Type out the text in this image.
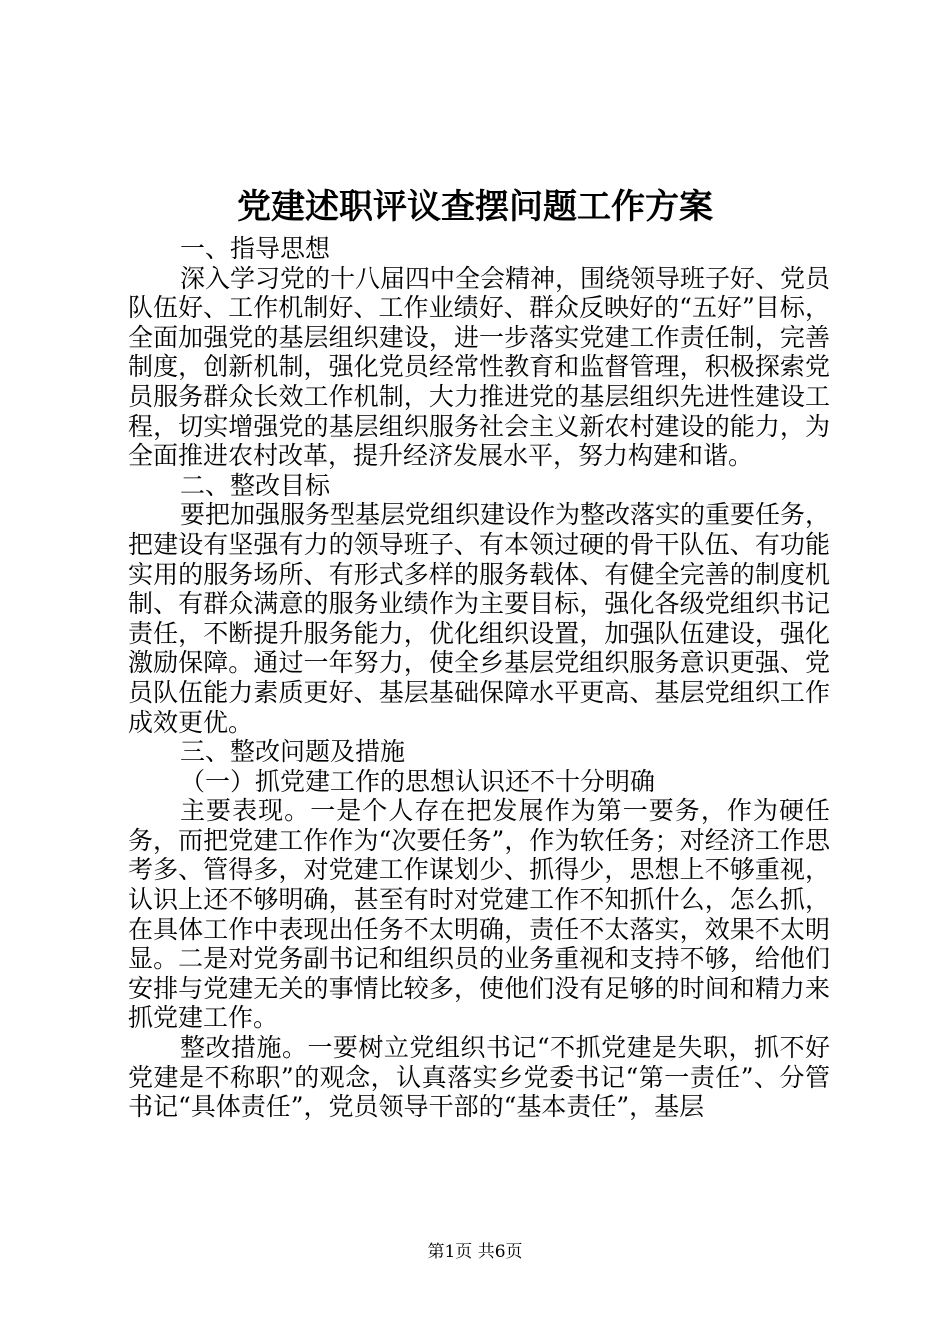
党建述职评议查摆问题工作方案

一、指导思想

深入学习党的十八届四中全会精神，围绕领导班子好、党员队伍好、工作机制好、工作业绩好、群众反映好的“五好”目标，全面加强党的基层组织建设，进一步落实党建工作责任制，完善制度，创新机制，强化党员经常性教育和监督管理，积极探索党员服务群众长效工作机制，大力推进党的基层组织先进性建设工程，切实增强党的基层组织服务社会主义新农村建设的能力，为全面推进农村改革，提升经济发展水平，努力构建和谐。

二、整改目标

要把加强服务型基层党组织建设作为整改落实的重要任务，把建设有坚强有力的领导班子、有本领过硬的骨干队伍、有功能实用的服务场所、有形式多样的服务载体、有健全完善的制度机制、有群众满意的服务业绩作为主要目标，强化各级党组织书记责任，不断提升服务能力，优化组织设置，加强队伍建设，强化激励保障。通过一年努力，使全乡基层党组织服务意识更强、党员队伍能力素质更好、基层基础保障水平更高、基层党组织工作成效更优。

三、整改问题及措施

（一）抓党建工作的思想认识还不十分明确

主要表现。一是个人存在把发展作为第一要务，作为硬任务，而把党建工作作为“次要任务”，作为软任务；对经济工作思考多、管得多，对党建工作谋划少、抓得少，思想上不够重视，认识上还不够明确，甚至有时对党建工作不知抓什么，怎么抓，在具体工作中表现出任务不太明确，责任不太落实，效果不太明显。二是对党务副书记和组织员的业务重视和支持不够，给他们安排与党建无关的事情比较多，使他们没有足够的时间和精力来抓党建工作。

整改措施。一要树立党组织书记“不抓党建是失职，抓不好党建是不称职”的观念，认真落实乡党委书记“第一责任”、分管书记“具体责任”，党员领导干部的“基本责任”，基层

第1页 共6页
